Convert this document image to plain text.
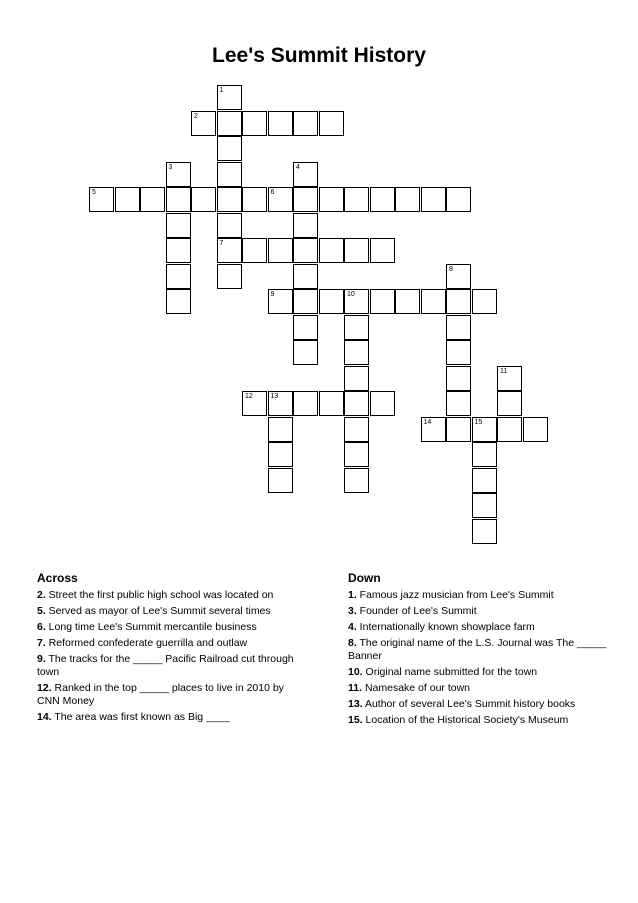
Lee's Summit History
1
7
2
3	4
5	6
8
9	10
11
12	13
14	15
Across
2. Street the first public high school was located on
5. Served as mayor of Lee's Summit several times
6. Long time Lee's Summit mercantile business
7. Reformed confederate guerrilla and outlaw
9. The tracks for the _____ Pacific Railroad cut through town
12. Ranked in the top _____ places to live in 2010 by CNN Money
14. The area was first known as Big ____
Down
1. Famous jazz musician from Lee's Summit
3. Founder of Lee's Summit
4. Internationally known showplace farm
8. The original name of the L.S. Journal was The _____ Banner
10. Original name submitted for the town
11. Namesake of our town
13. Author of several Lee's Summit history books
15. Location of the Historical Society's Museum
